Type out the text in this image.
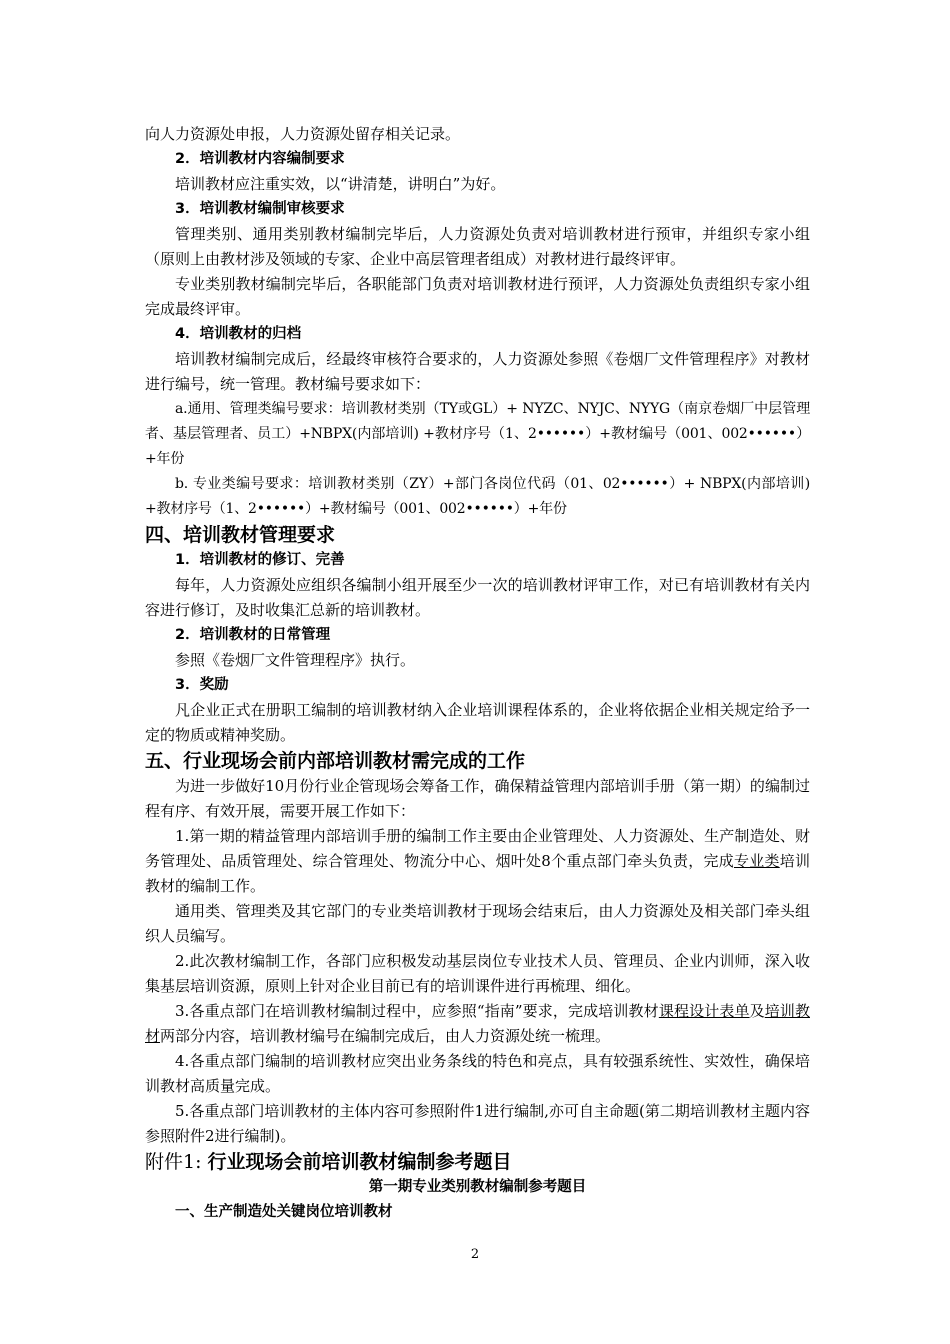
向人力资源处申报，人力资源处留存相关记录。

2．培训教材内容编制要求

培训教材应注重实效，以“讲清楚，讲明白”为好。

3．培训教材编制审核要求

管理类别、通用类别教材编制完毕后，人力资源处负责对培训教材进行预审，并组织专家小组（原则上由教材涉及领域的专家、企业中高层管理者组成）对教材进行最终评审。

专业类别教材编制完毕后，各职能部门负责对培训教材进行预评，人力资源处负责组织专家小组完成最终评审。

4．培训教材的归档

培训教材编制完成后，经最终审核符合要求的，人力资源处参照《卷烟厂文件管理程序》对教材进行编号，统一管理。教材编号要求如下：

a.通用、管理类编号要求：培训教材类别（TY或GL）+ NYZC、NYJC、NYYG（南京卷烟厂中层管理者、基层管理者、员工）+NBPX(内部培训) +教材序号（1、2••••••）+教材编号（001、002••••••）+年份

b. 专业类编号要求：培训教材类别（ZY）+部门各岗位代码（01、02••••••）+ NBPX(内部培训) +教材序号（1、2••••••）+教材编号（001、002••••••）+年份

四、培训教材管理要求

1．培训教材的修订、完善

每年，人力资源处应组织各编制小组开展至少一次的培训教材评审工作，对已有培训教材有关内容进行修订，及时收集汇总新的培训教材。

2．培训教材的日常管理

参照《卷烟厂文件管理程序》执行。

3．奖励

凡企业正式在册职工编制的培训教材纳入企业培训课程体系的，企业将依据企业相关规定给予一定的物质或精神奖励。

五、行业现场会前内部培训教材需完成的工作

为进一步做好10月份行业企管现场会筹备工作，确保精益管理内部培训手册（第一期）的编制过程有序、有效开展，需要开展工作如下：

1.第一期的精益管理内部培训手册的编制工作主要由企业管理处、人力资源处、生产制造处、财务管理处、品质管理处、综合管理处、物流分中心、烟叶处8个重点部门牵头负责，完成专业类培训教材的编制工作。

通用类、管理类及其它部门的专业类培训教材于现场会结束后，由人力资源处及相关部门牵头组织人员编写。

2.此次教材编制工作，各部门应积极发动基层岗位专业技术人员、管理员、企业内训师，深入收集基层培训资源，原则上针对企业目前已有的培训课件进行再梳理、细化。

3.各重点部门在培训教材编制过程中，应参照“指南”要求，完成培训教材课程设计表单及培训教材两部分内容，培训教材编号在编制完成后，由人力资源处统一梳理。

4.各重点部门编制的培训教材应突出业务条线的特色和亮点，具有较强系统性、实效性，确保培训教材高质量完成。

5.各重点部门培训教材的主体内容可参照附件1进行编制,亦可自主命题(第二期培训教材主题内容参照附件2进行编制)。

附件1: 行业现场会前培训教材编制参考题目

第一期专业类别教材编制参考题目

一、生产制造处关键岗位培训教材

2
